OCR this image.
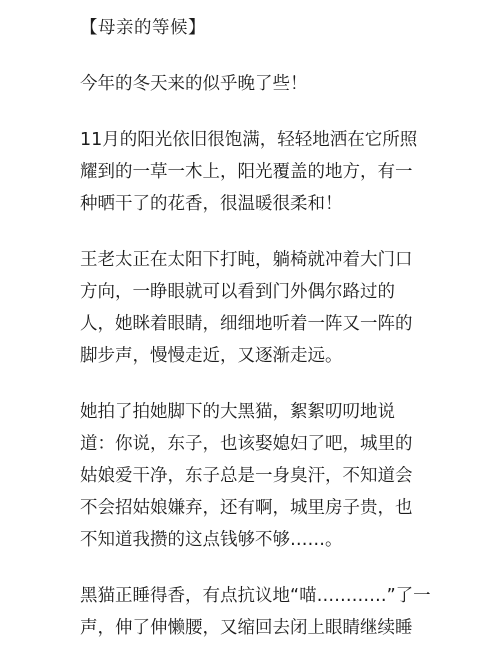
【母亲的等候】
今年的冬天来的似乎晚了些！
11月的阳光依旧很饱满，轻轻地洒在它所照
耀到的一草一木上，阳光覆盖的地方，有一
种晒干了的花香，很温暖很柔和！
王老太正在太阳下打盹，躺椅就冲着大门口
方向，一睁眼就可以看到门外偶尔路过的
人，她眯着眼睛，细细地听着一阵又一阵的
脚步声，慢慢走近，又逐渐走远。
她拍了拍她脚下的大黑猫，絮絮叨叨地说
道：你说，东子，也该娶媳妇了吧，城里的
姑娘爱干净，东子总是一身臭汗，不知道会
不会招姑娘嫌弃，还有啊，城里房子贵，也
不知道我攒的这点钱够不够……。
黑猫正睡得香，有点抗议地“喵…………”了一
声，伸了伸懒腰，又缩回去闭上眼睛继续睡
